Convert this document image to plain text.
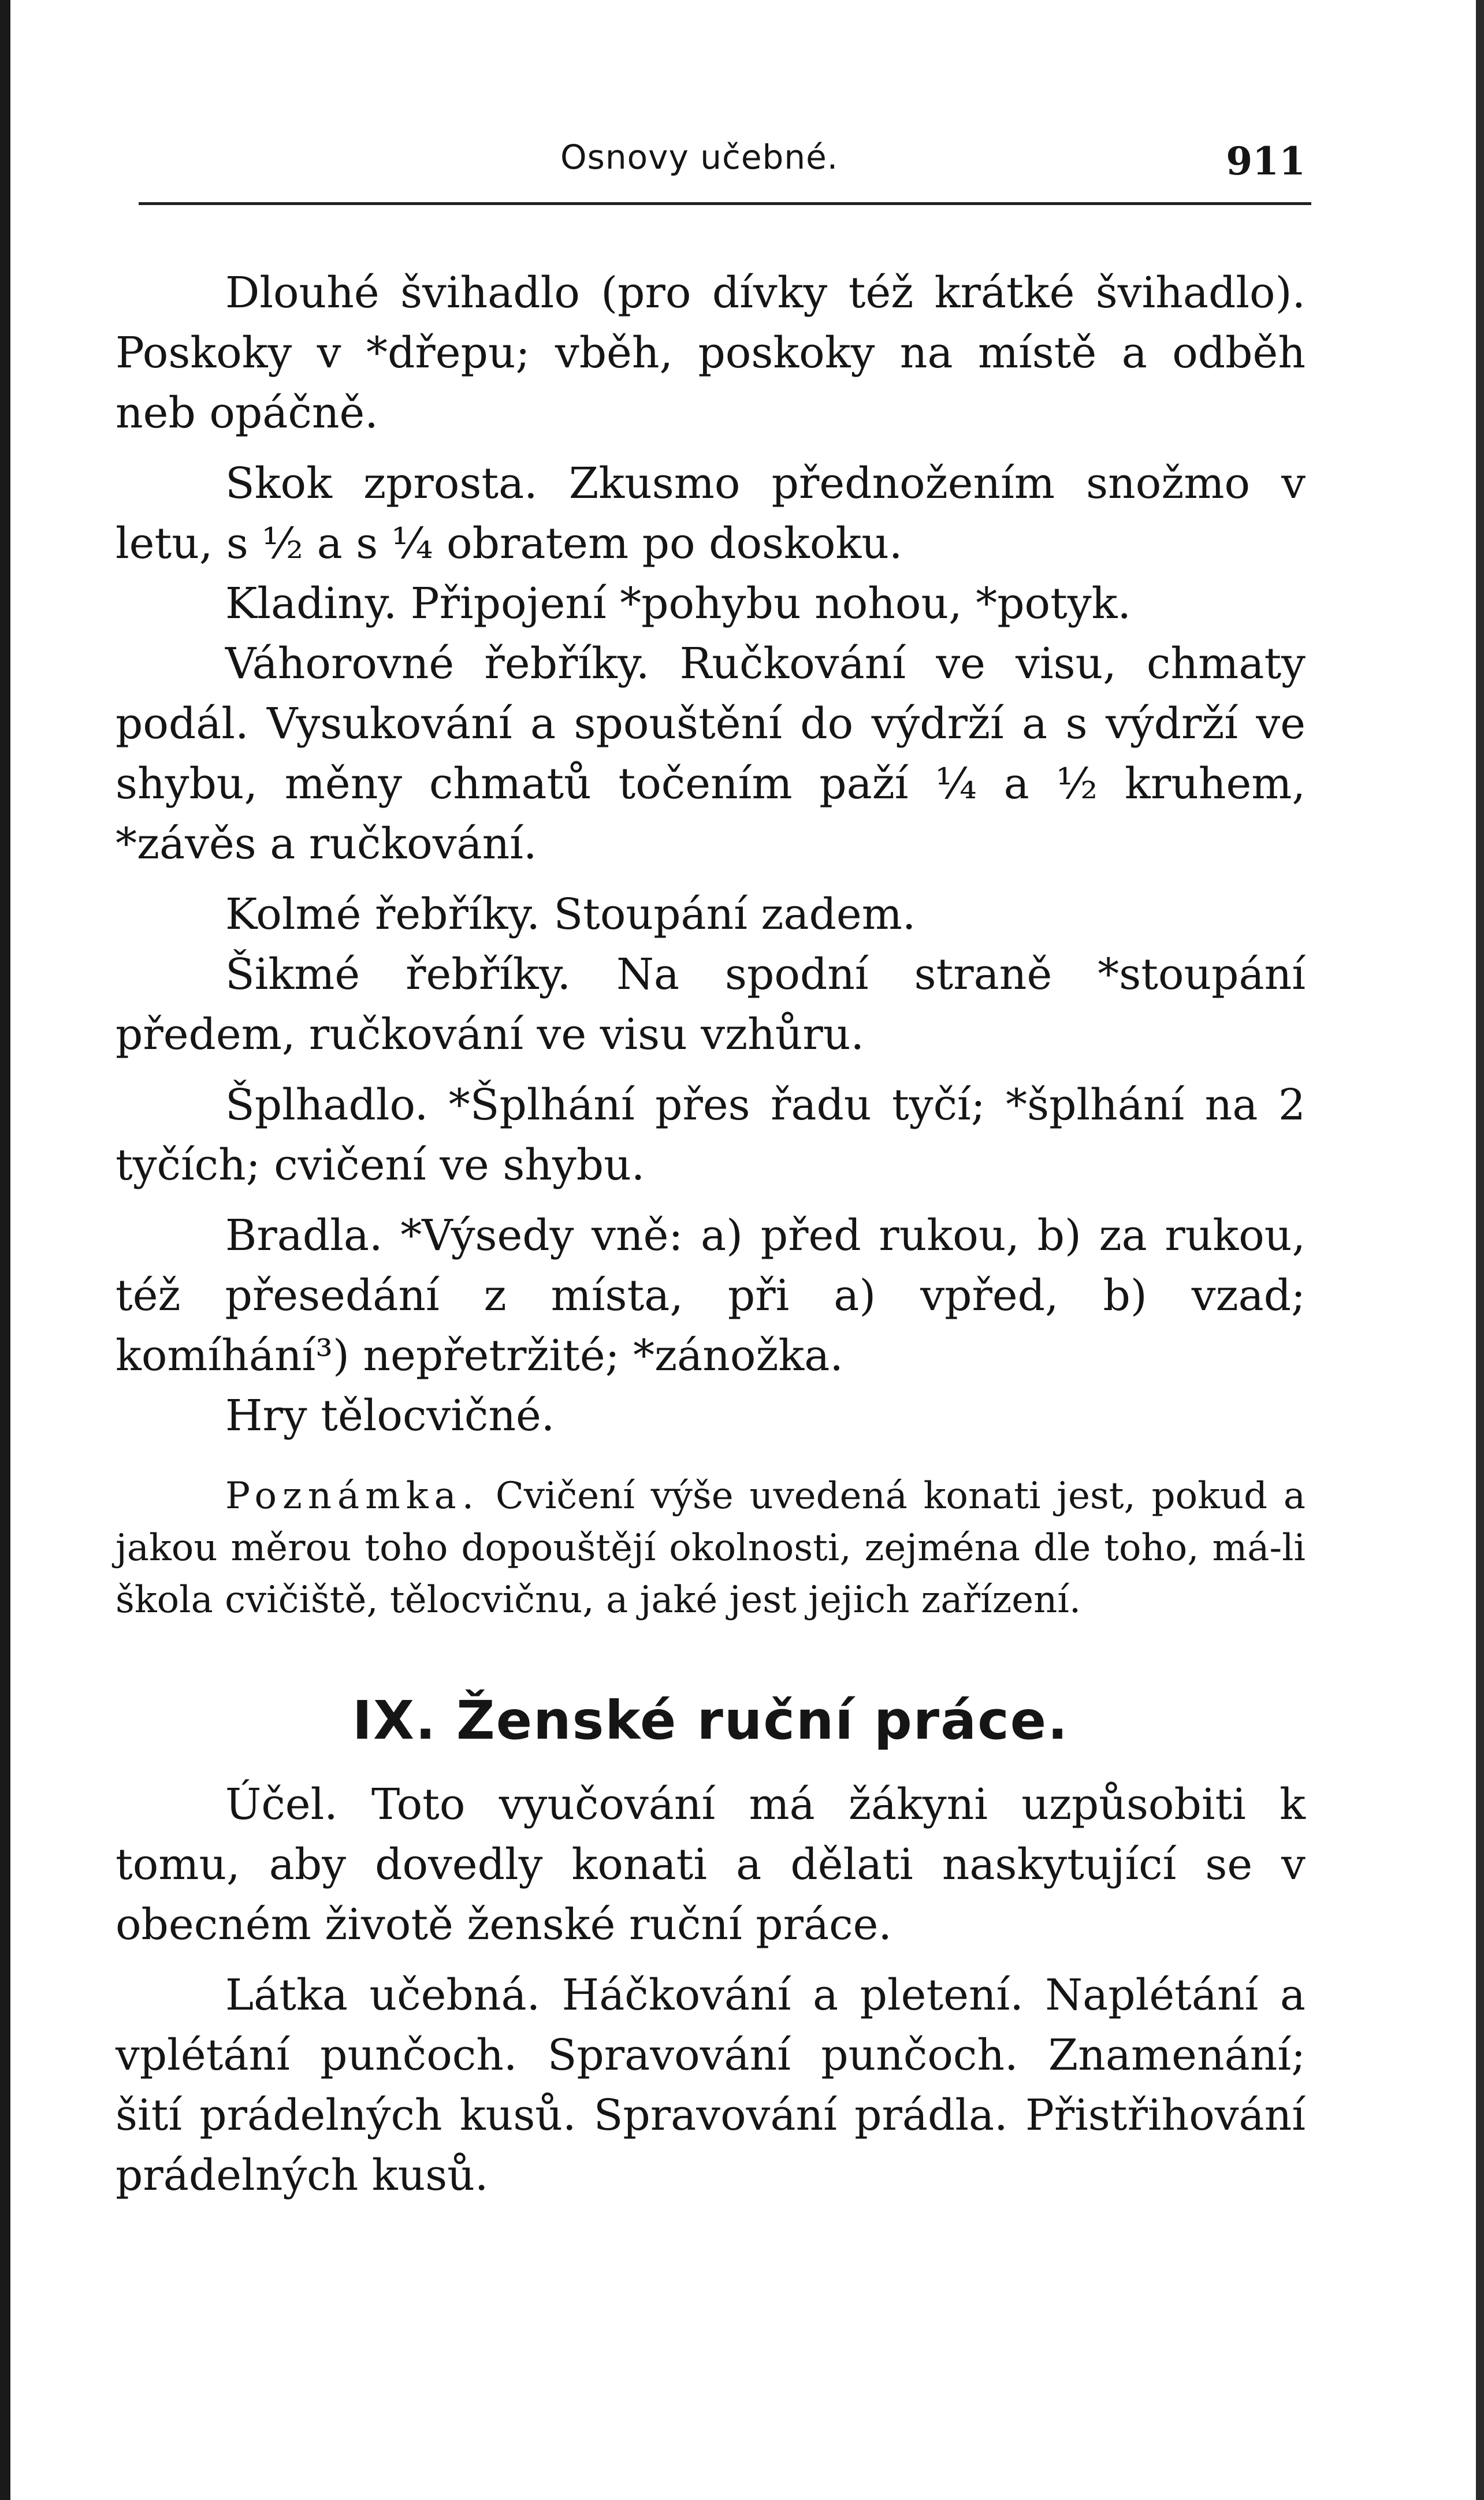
Osnovy učebné.	911

Dlouhé švihadlo (pro dívky též krátké švihadlo). Poskoky v *dřepu; vběh, poskoky na místě a odběh neb opáčně.

Skok zprosta. Zkusmo přednožením snožmo v letu, s ½ a s ¼ obratem po doskoku.

Kladiny. Připojení *pohybu nohou, *potyk.

Váhorovné řebříky. Ručkování ve visu, chmaty podál. Vysukování a spouštění do výdrží a s výdrží ve shybu, měny chmatů točením paží ¼ a ½ kruhem, *závěs a ručkování.

Kolmé řebříky. Stoupání zadem.

Šikmé řebříky. Na spodní straně *stoupání předem, ručkování ve visu vzhůru.

Šplhadlo. *Šplhání přes řadu tyčí; *šplhání na 2 tyčích; cvičení ve shybu.

Bradla. *Výsedy vně: a) před rukou, b) za rukou, též přesedání z místa, při a) vpřed, b) vzad; komíhání³) nepřetržité; *zánožka.

Hry tělocvičné.

Poznámka. Cvičení výše uvedená konati jest, pokud a jakou měrou toho dopouštějí okolnosti, zejména dle toho, má-li škola cvičiště, tělocvičnu, a jaké jest jejich zařízení.

IX. Ženské ruční práce.

Účel. Toto vyučování má žákyni uzpůsobiti k tomu, aby dovedly konati a dělati naskytující se v obecném životě ženské ruční práce.

Látka učebná. Háčkování a pletení. Naplétání a vplétání punčoch. Spravování punčoch. Znamenání; šití prádelných kusů. Spravování prádla. Přistřihování prádelných kusů.
